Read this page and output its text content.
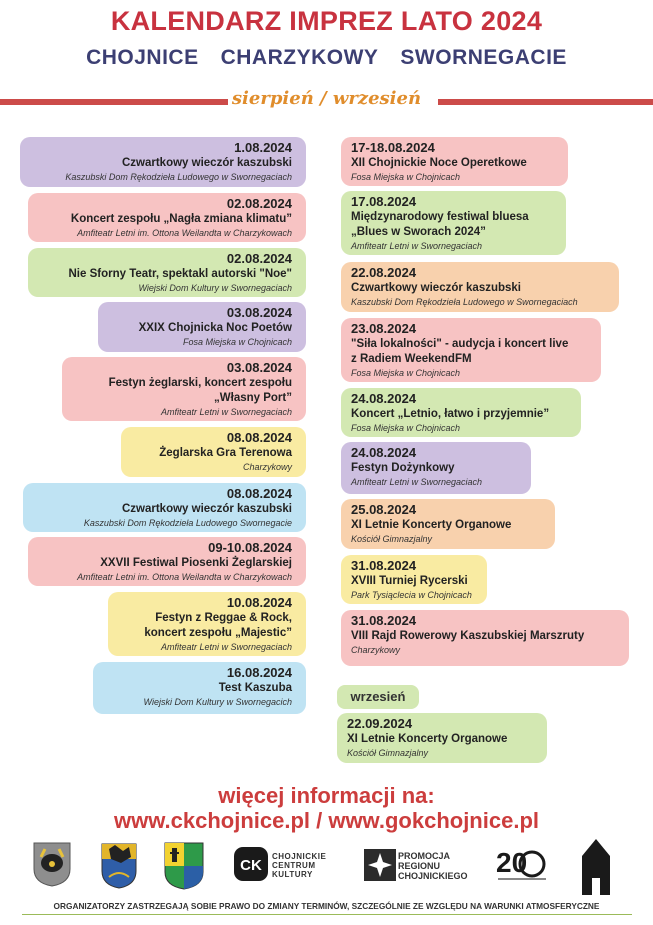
KALENDARZ IMPREZ LATO 2024
CHOJNICE CHARZYKOWY SWORNEGACIE
sierpień / wrzesień
1.08.2024
Czwartkowy wieczór kaszubski
Kaszubski Dom Rękodzieła Ludowego w Swornegaciach
02.08.2024
Koncert zespołu „Nagła zmiana klimatu”
Amfiteatr Letni im. Ottona Weilandta w Charzykowach
02.08.2024
Nie Sforny Teatr, spektakl autorski "Noe"
Wiejski Dom Kultury w Swornegaciach
03.08.2024
XXIX Chojnicka Noc Poetów
Fosa Miejska w Chojnicach
03.08.2024
Festyn żeglarski, koncert zespołu
„Własny Port”
Amfiteatr Letni w Swornegaciach
08.08.2024
Żeglarska Gra Terenowa
Charzykowy
08.08.2024
Czwartkowy wieczór kaszubski
Kaszubski Dom Rękodzieła Ludowego Swornegacie
09-10.08.2024
XXVII Festiwal Piosenki Żeglarskiej
Amfiteatr Letni im. Ottona Weilandta w Charzykowach
10.08.2024
Festyn z Reggae & Rock,
koncert zespołu „Majestic”
Amfiteatr Letni w Swornegaciach
16.08.2024
Test Kaszuba
Wiejski Dom Kultury w Swornegacich
17-18.08.2024
XII Chojnickie Noce Operetkowe
Fosa Miejska w Chojnicach
17.08.2024
Międzynarodowy festiwal bluesa
„Blues w Sworach 2024”
Amfiteatr Letni w Swornegaciach
22.08.2024
Czwartkowy wieczór kaszubski
Kaszubski Dom Rękodzieła Ludowego w Swornegaciach
23.08.2024
"Siła lokalności" - audycja i koncert live
z Radiem WeekendFM
Fosa Miejska w Chojnicach
24.08.2024
Koncert „Letnio, łatwo i przyjemnie”
Fosa Miejska w Chojnicach
24.08.2024
Festyn Dożynkowy
Amfiteatr Letni w Swornegaciach
25.08.2024
XI Letnie Koncerty Organowe
Kościół Gimnazjalny
31.08.2024
XVIII Turniej Rycerski
Park Tysiąclecia w Chojnicach
31.08.2024
VIII Rajd Rowerowy Kaszubskiej Marszruty
Charzykowy
wrzesień
22.09.2024
XI Letnie Koncerty Organowe
Kościół Gimnazjalny
więcej informacji na:
www.ckchojnice.pl / www.gokchojnice.pl
CK
CHOJNICKIE
CENTRUM
KULTURY
PROMOCJA
REGIONU
CHOJNICKIEGO 20
ORGANIZATORZY ZASTRZEGAJĄ SOBIE PRAWO DO ZMIANY TERMINÓW, SZCZEGÓLNIE ZE WZGLĘDU NA WARUNKI ATMOSFERYCZNE
